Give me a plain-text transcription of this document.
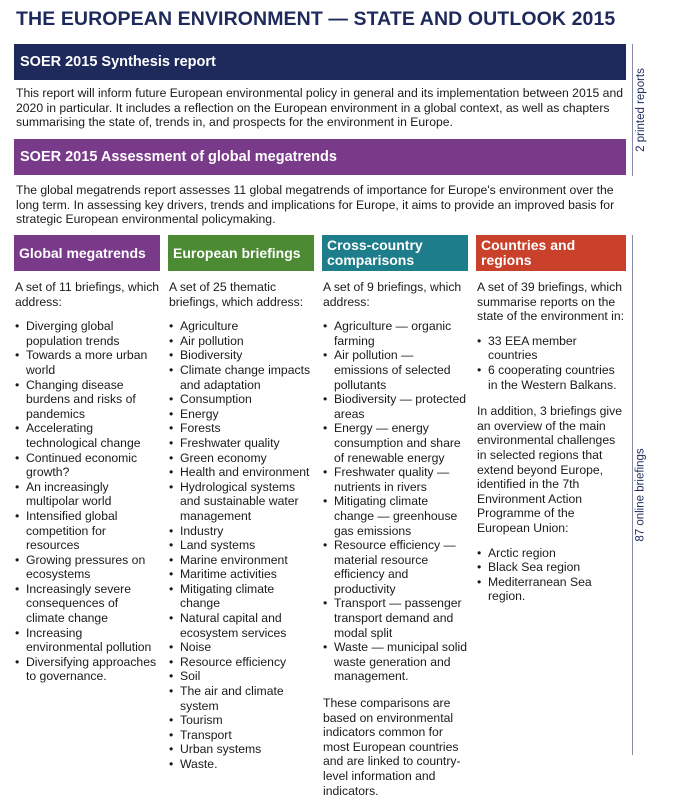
THE EUROPEAN ENVIRONMENT — STATE AND OUTLOOK 2015
SOER 2015 Synthesis report
This report will inform future European environmental policy in general and its implementation between 2015 and 2020 in particular. It includes a reflection on the European environment in a global context, as well as chapters summarising the state of, trends in, and prospects for the environment in Europe.
SOER 2015 Assessment of global megatrends
The global megatrends report assesses 11 global megatrends of importance for Europe's environment over the long term. In assessing key drivers, trends and implications for Europe, it aims to provide an improved basis for strategic European environmental policymaking.
2 printed reports
87 online briefings
Global megatrends
A set of 11 briefings, which address:
• Diverging global population trends
• Towards a more urban world
• Changing disease burdens and risks of pandemics
• Accelerating technological change
• Continued economic growth?
• An increasingly multipolar world
• Intensified global competition for resources
• Growing pressures on ecosystems
• Increasingly severe consequences of climate change
• Increasing environmental pollution
• Diversifying approaches to governance.
European briefings
A set of 25 thematic briefings, which address:
• Agriculture
• Air pollution
• Biodiversity
• Climate change impacts and adaptation
• Consumption
• Energy
• Forests
• Freshwater quality
• Green economy
• Health and environment
• Hydrological systems and sustainable water management
• Industry
• Land systems
• Marine environment
• Maritime activities
• Mitigating climate change
• Natural capital and ecosystem services
• Noise
• Resource efficiency
• Soil
• The air and climate system
• Tourism
• Transport
• Urban systems
• Waste.
Cross-country comparisons
A set of 9 briefings, which address:
• Agriculture — organic farming
• Air pollution — emissions of selected pollutants
• Biodiversity — protected areas
• Energy — energy consumption and share of renewable energy
• Freshwater quality — nutrients in rivers
• Mitigating climate change — greenhouse gas emissions
• Resource efficiency — material resource efficiency and productivity
• Transport — passenger transport demand and modal split
• Waste — municipal solid waste generation and management.
These comparisons are based on environmental indicators common for most European countries and are linked to country-level information and indicators.
Countries and regions
A set of 39 briefings, which summarise reports on the state of the environment in:
• 33 EEA member countries
• 6 cooperating countries in the Western Balkans.
In addition, 3 briefings give an overview of the main environmental challenges in selected regions that extend beyond Europe, identified in the 7th Environment Action Programme of the European Union:
• Arctic region
• Black Sea region
• Mediterranean Sea region.
